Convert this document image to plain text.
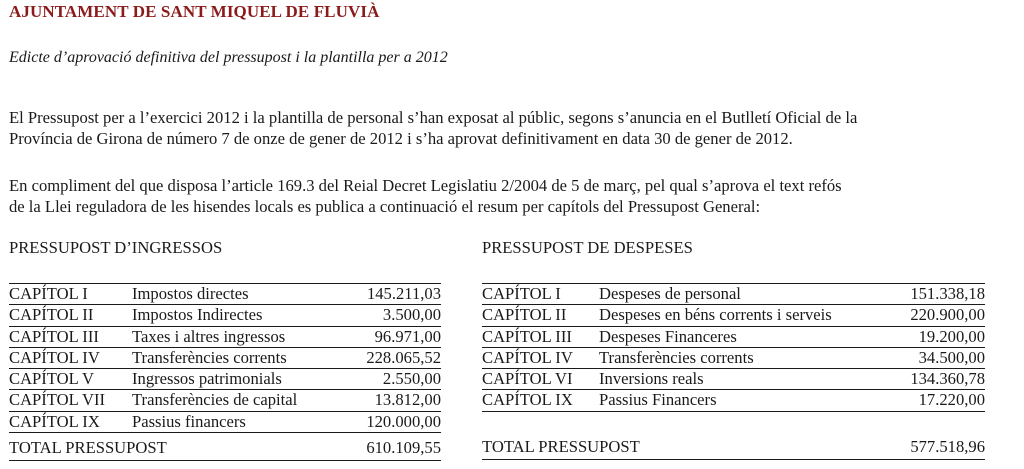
AJUNTAMENT DE SANT MIQUEL DE FLUVIÀ
Edicte d’aprovació definitiva del pressupost i la plantilla per a 2012

El Pressupost per a l’exercici 2012 i la plantilla de personal s’han exposat al públic, segons s’anuncia en el Butlletí Oficial de la
Província de Girona de número 7 de onze de gener de 2012 i s’ha aprovat definitivament en data 30 de gener de 2012.

En compliment del que disposa l’article 169.3 del Reial Decret Legislatiu 2/2004 de 5 de març, pel qual s’aprova el text refós
de la Llei reguladora de les hisendes locals es publica a continuació el resum per capítols del Pressupost General:

PRESSUPOST D’INGRESSOS
CAPÍTOL I	Impostos directes	145.211,03
CAPÍTOL II Impostos Indirectes	3.500,00
CAPÍTOL III Taxes i altres ingressos	96.971,00
CAPÍTOL IV Transferències corrents	228.065,52
CAPÍTOL V Ingressos patrimonials	2.550,00
CAPÍTOL VII Transferències de capital	13.812,00
CAPÍTOL IX Passius financers	120.000,00
TOTAL PRESSUPOST	610.109,55
PRESSUPOST DE DESPESES
CAPÍTOL I Despeses de personal	151.338,18
CAPÍTOL II Despeses en béns corrents i serveis	220.900,00
CAPÍTOL III Despeses Financeres	19.200,00
CAPÍTOL IV Transferències corrents	34.500,00
CAPÍTOL VI Inversions reals	134.360,78
CAPÍTOL IX Passius Financers	17.220,00
TOTAL PRESSUPOST	577.518,96
